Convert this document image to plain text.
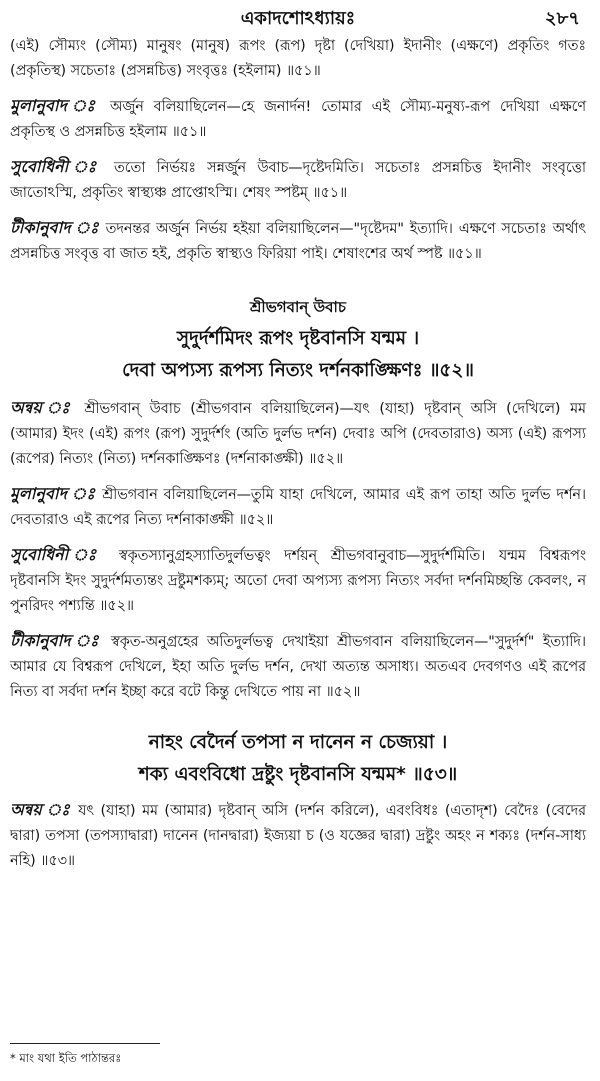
একাদশোঽধ্যায়ঃ	২৮৭

(এই) সৌম্যং (সৌম্য) মানুষং (মানুষ) রূপং (রূপ) দৃষ্টা (দেখিয়া) ইদানীং (এক্ষণে) প্রকৃতিং গতঃ (প্রকৃতিস্থ) সচেতাঃ (প্রসন্নচিত্ত) সংবৃত্তঃ (হইলাম) ॥৫১॥

মুলানুবাদ ঃ অর্জুন বলিয়াছিলেন—হে জনার্দন! তোমার এই সৌম্য-মনুষ্য-রূপ দেখিয়া এক্ষণে প্রকৃতিস্থ ও প্রসন্নচিত্ত হইলাম ॥৫১॥

সুবোধিনী ঃ ততো নির্ভয়ঃ সন্নর্জুন উবাচ—দৃষ্টেদমিতি। সচেতাঃ প্রসন্নচিত্ত ইদানীং সংবৃত্তো জাতোঽস্মি, প্রকৃতিং স্বাস্থ্যঞ্চ প্রাপ্তোঽস্মি। শেষং স্পষ্টম্ ॥৫১॥

টীকানুবাদ ঃ তদনন্তর অর্জুন নির্ভয় হইয়া বলিয়াছিলেন—"দৃষ্টেদম" ইত্যাদি। এক্ষণে সচেতাঃ অর্থাৎ প্রসন্নচিত্ত সংবৃত্ত বা জাত হই, প্রকৃতি স্বাস্থ্যও ফিরিয়া পাই। শেষাংশের অর্থ স্পষ্ট ॥৫১॥

শ্রীভগবান্ উবাচ
সুদুর্দর্শমিদং রূপং দৃষ্টবানসি যন্মম ।
দেবা অপ্যস্য রূপস্য নিত্যং দর্শনকাঙ্ক্ষিণঃ ॥৫২॥

অন্বয় ঃ শ্রীভগবান্ উবাচ (শ্রীভগবান বলিয়াছিলেন)—যৎ (যাহা) দৃষ্টবান্ অসি (দেখিলে) মম (আমার) ইদং (এই) রূপং (রূপ) সুদুর্দর্শং (অতি দুর্লভ দর্শন) দেবাঃ অপি (দেবতারাও) অস্য (এই) রূপস্য (রূপের) নিত্যং (নিত্য) দর্শনকাঙ্ক্ষিণঃ (দর্শনাকাঙ্ক্ষী) ॥৫২॥

মুলানুবাদ ঃ শ্রীভগবান বলিয়াছিলেন—তুমি যাহা দেখিলে, আমার এই রূপ তাহা অতি দুর্লভ দর্শন। দেবতারাও এই রূপের নিত্য দর্শনাকাঙ্ক্ষী ॥৫২॥

সুবোধিনী ঃ স্বকৃতস্যানুগ্রহস্যাতিদুর্লভত্বং দর্শয়ন্ শ্রীভগবানুবাচ—সুদুর্দর্শমিতি। যন্মম বিশ্বরূপং দৃষ্টবানসি ইদং সুদুর্দর্শমত্যন্তং দ্রষ্টুমশক্যম্; অতো দেবা অপ্যস্য রূপস্য নিত্যং সর্বদা দর্শনমিচ্ছন্তি কেবলং, ন পুনরিদং পশ্যন্তি ॥৫২॥

টীকানুবাদ ঃ স্বকৃত-অনুগ্রহের অতিদুর্লভত্ব দেখাইয়া শ্রীভগবান বলিয়াছিলেন—"সুদুর্দর্শ" ইত্যাদি। আমার যে বিশ্বরূপ দেখিলে, ইহা অতি দুর্লভ দর্শন, দেখা অত্যন্ত অসাধ্য। অতএব দেবগণও এই রূপের নিত্য বা সর্বদা দর্শন ইচ্ছা করে বটে কিন্তু দেখিতে পায় না ॥৫২॥

নাহং বেদৈর্ন তপসা ন দানেন ন চেজ্যয়া ।
শক্য এবংবিধো দ্রষ্টুং দৃষ্টবানসি যন্মম* ॥৫৩॥

অন্বয় ঃ যৎ (যাহা) মম (আমার) দৃষ্টবান্ অসি (দর্শন করিলে), এবংবিধঃ (এতাদৃশ) বেদৈঃ (বেদের দ্বারা) তপসা (তপস্যাদ্বারা) দানেন (দানদ্বারা) ইজ্যয়া চ (ও যজ্ঞের দ্বারা) দ্রষ্টুং অহং ন শক্যঃ (দর্শন-সাধ্য নহি) ॥৫৩॥

* মাং যথা ইতি পাঠান্তরঃ
